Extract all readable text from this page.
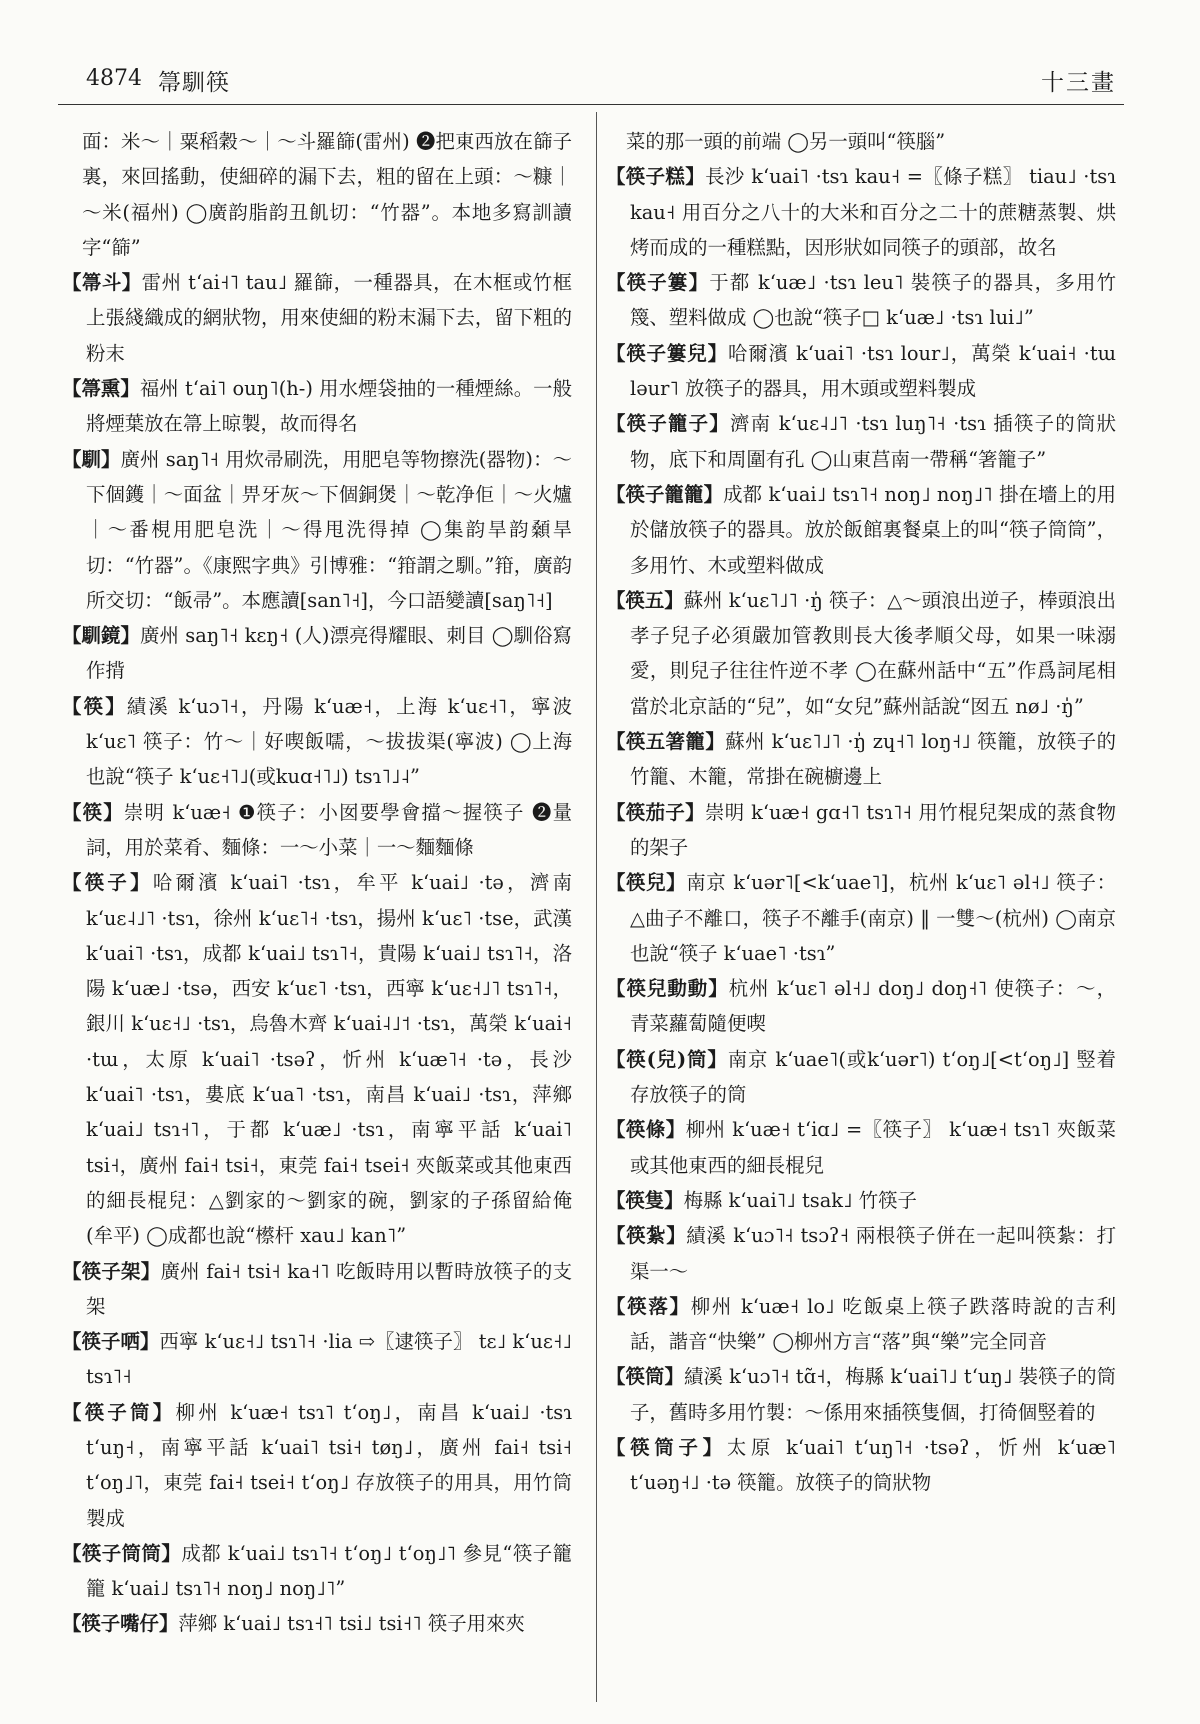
4874 箒馴筷	十三畫

面：米～｜粟稻穀～｜～斗羅篩(雷州) ❷把東西放在篩子裏，來回搖動，使細碎的漏下去，粗的留在上頭：～糠｜～米(福州) ◯廣韵脂韵丑飢切：“竹器”。本地多寫訓讀字“篩”

【箒斗】雷州 tʻai˧˥ tau˩ 羅篩，一種器具，在木框或竹框上張綫織成的網狀物，用來使細的粉末漏下去，留下粗的粉末

【箒熏】福州 tʻai˥ ouŋ˥(h-) 用水煙袋抽的一種煙絲。一般將煙葉放在箒上晾製，故而得名

【馴】廣州 saŋ˥˧ 用炊帚刷洗，用肥皂等物擦洗(器物)：～下個鑊｜～面盆｜畀牙灰～下個銅煲｜～乾净佢｜～火爐｜～番梘用肥皂洗｜～得甩洗得掉 ◯集韵旱韵顙旱切：“竹器”。《康熙字典》引博雅：“箝謂之馴。”箝，廣韵所交切：“飯帚”。本應讀[san˥˧]，今口語變讀[saŋ˥˧]

【馴鏡】廣州 saŋ˥˧ kɛŋ˧ (人)漂亮得耀眼、刺目 ◯馴俗寫作揹

【筷】績溪 kʻuɔ˥˧，丹陽 kʻuæ˧，上海 kʻuɛ˧˥，寧波 kʻuɛ˥ 筷子：竹～｜好喫飯嚅，～拔拔渠(寧波) ◯上海也說“筷子 kʻuɛ˧˥˩(或kuɑ˧˥˩) tsɿ˥˩˨”

【筷】崇明 kʻuæ˧ ❶筷子：小囡要學會擋～握筷子 ❷量詞，用於菜肴、麵條：一～小菜｜一～麵麵條

【筷子】哈爾濱 kʻuai˥ ·tsɿ，牟平 kʻuai˩ ·tə，濟南 kʻuɛ˨˩˥ ·tsɿ，徐州 kʻuɛ˥˧ ·tsɿ，揚州 kʻuɛ˥ ·tse，武漢 kʻuai˥ ·tsɿ，成都 kʻuai˩ tsɿ˥˧，貴陽 kʻuai˩ tsɿ˥˧，洛陽 kʻuæ˩ ·tsə，西安 kʻuɛ˥ ·tsɿ，西寧 kʻuɛ˧˩˥ tsɿ˥˧，銀川 kʻuɛ˧˩ ·tsɿ，烏魯木齊 kʻuai˨˩˦ ·tsɿ，萬榮 kʻuai˧ ·tɯ，太原 kʻuai˥ ·tsəʔ，忻州 kʻuæ˥˧ ·tə，長沙 kʻuai˥ ·tsɿ，婁底 kʻua˥ ·tsɿ，南昌 kʻuai˩ ·tsɿ，萍鄉 kʻuai˩ tsɿ˧˥，于都 kʻuæ˩ ·tsɿ，南寧平話 kʻuai˥ tsi˧，廣州 fai˧ tsi˧，東莞 fai˧ tsei˧ 夾飯菜或其他東西的細長棍兒：△劉家的～劉家的碗，劉家的子孫留給俺(牟平) ◯成都也說“櫒杆 xau˩ kan˥”

【筷子架】廣州 fai˧ tsi˧ ka˧˥ 吃飯時用以暫時放筷子的支架

【筷子哂】西寧 kʻuɛ˧˩ tsɿ˥˧ ·lia ⇨〖逮筷子〗 tɛ˩ kʻuɛ˧˩ tsɿ˥˧

【筷子筒】柳州 kʻuæ˧ tsɿ˥ tʻoŋ˩，南昌 kʻuai˩ ·tsɿ tʻuŋ˧，南寧平話 kʻuai˥ tsi˧ tøŋ˩，廣州 fai˧ tsi˧ tʻoŋ˩˥，東莞 fai˧ tsei˧ tʻoŋ˩ 存放筷子的用具，用竹筒製成

【筷子筒筒】成都 kʻuai˩ tsɿ˥˧ tʻoŋ˩ tʻoŋ˩˥ 參見“筷子籠籠 kʻuai˩ tsɿ˥˧ noŋ˩ noŋ˩˥”

【筷子嘴仔】萍鄉 kʻuai˩ tsɿ˧˥ tsi˩ tsi˧˥ 筷子用來夾

菜的那一頭的前端 ◯另一頭叫“筷腦”

【筷子糕】長沙 kʻuai˥ ·tsɿ kau˧ =〖條子糕〗 tiau˩ ·tsɿ kau˧ 用百分之八十的大米和百分之二十的蔗糖蒸製、烘烤而成的一種糕點，因形狀如同筷子的頭部，故名

【筷子簍】于都 kʻuæ˩ ·tsɿ leu˥ 裝筷子的器具，多用竹篾、塑料做成 ◯也說“筷子□ kʻuæ˩ ·tsɿ lui˩”

【筷子簍兒】哈爾濱 kʻuai˥ ·tsɿ lour˩，萬榮 kʻuai˧ ·tɯ ləur˥ 放筷子的器具，用木頭或塑料製成

【筷子籠子】濟南 kʻuɛ˨˩˥ ·tsɿ luŋ˥˧ ·tsɿ 插筷子的筒狀物，底下和周圍有孔 ◯山東莒南一帶稱“箸籠子”

【筷子籠籠】成都 kʻuai˩ tsɿ˥˧ noŋ˩ noŋ˩˥ 掛在墻上的用於儲放筷子的器具。放於飯館裏餐桌上的叫“筷子筒筒”，多用竹、木或塑料做成

【筷五】蘇州 kʻuɛ˥˩˥ ·ŋ̍ 筷子：△～頭浪出逆子，棒頭浪出孝子兒子必須嚴加管教則長大後孝順父母，如果一味溺愛，則兒子往往忤逆不孝 ◯在蘇州話中“五”作爲詞尾相當於北京話的“兒”，如“女兒”蘇州話說“囡五 nø˩ ·ŋ̍”

【筷五箸籠】蘇州 kʻuɛ˥˩˥ ·ŋ̍ zɥ˧˥ loŋ˧˩ 筷籠，放筷子的竹籠、木籠，常掛在碗櫥邊上

【筷茄子】崇明 kʻuæ˧ gɑ˧˥ tsɿ˥˧ 用竹棍兒架成的蒸食物的架子

【筷兒】南京 kʻuər˥[<kʻuae˥]，杭州 kʻuɛ˥ əl˧˩ 筷子：△曲子不離口，筷子不離手(南京) ‖ 一雙～(杭州) ◯南京也說“筷子 kʻuae˥ ·tsɿ”

【筷兒動動】杭州 kʻuɛ˥ əl˧˩ doŋ˩ doŋ˧˥ 使筷子：～，青菜蘿蔔隨便喫

【筷(兒)筒】南京 kʻuae˥(或kʻuər˥) tʻoŋ˩[<tʻoŋ˩] 竪着存放筷子的筒

【筷條】柳州 kʻuæ˧ tʻiɑ˩ =〖筷子〗 kʻuæ˧ tsɿ˥ 夾飯菜或其他東西的細長棍兒

【筷隻】梅縣 kʻuai˥˩ tsak˩ 竹筷子

【筷紮】績溪 kʻuɔ˥˧ tsɔʔ˧ 兩根筷子併在一起叫筷紮：打渠一～

【筷落】柳州 kʻuæ˧ lo˩ 吃飯桌上筷子跌落時說的吉利話，諧音“快樂” ◯柳州方言“落”與“樂”完全同音

【筷筒】績溪 kʻuɔ˥˧ tɑ̃˧，梅縣 kʻuai˥˩ tʻuŋ˩ 裝筷子的筒子，舊時多用竹製：～係用來插筷隻個，打徛個竪着的

【筷筒子】太原 kʻuai˥ tʻuŋ˥˧ ·tsəʔ，忻州 kʻuæ˥ tʻuəŋ˧˩ ·tə 筷籠。放筷子的筒狀物
